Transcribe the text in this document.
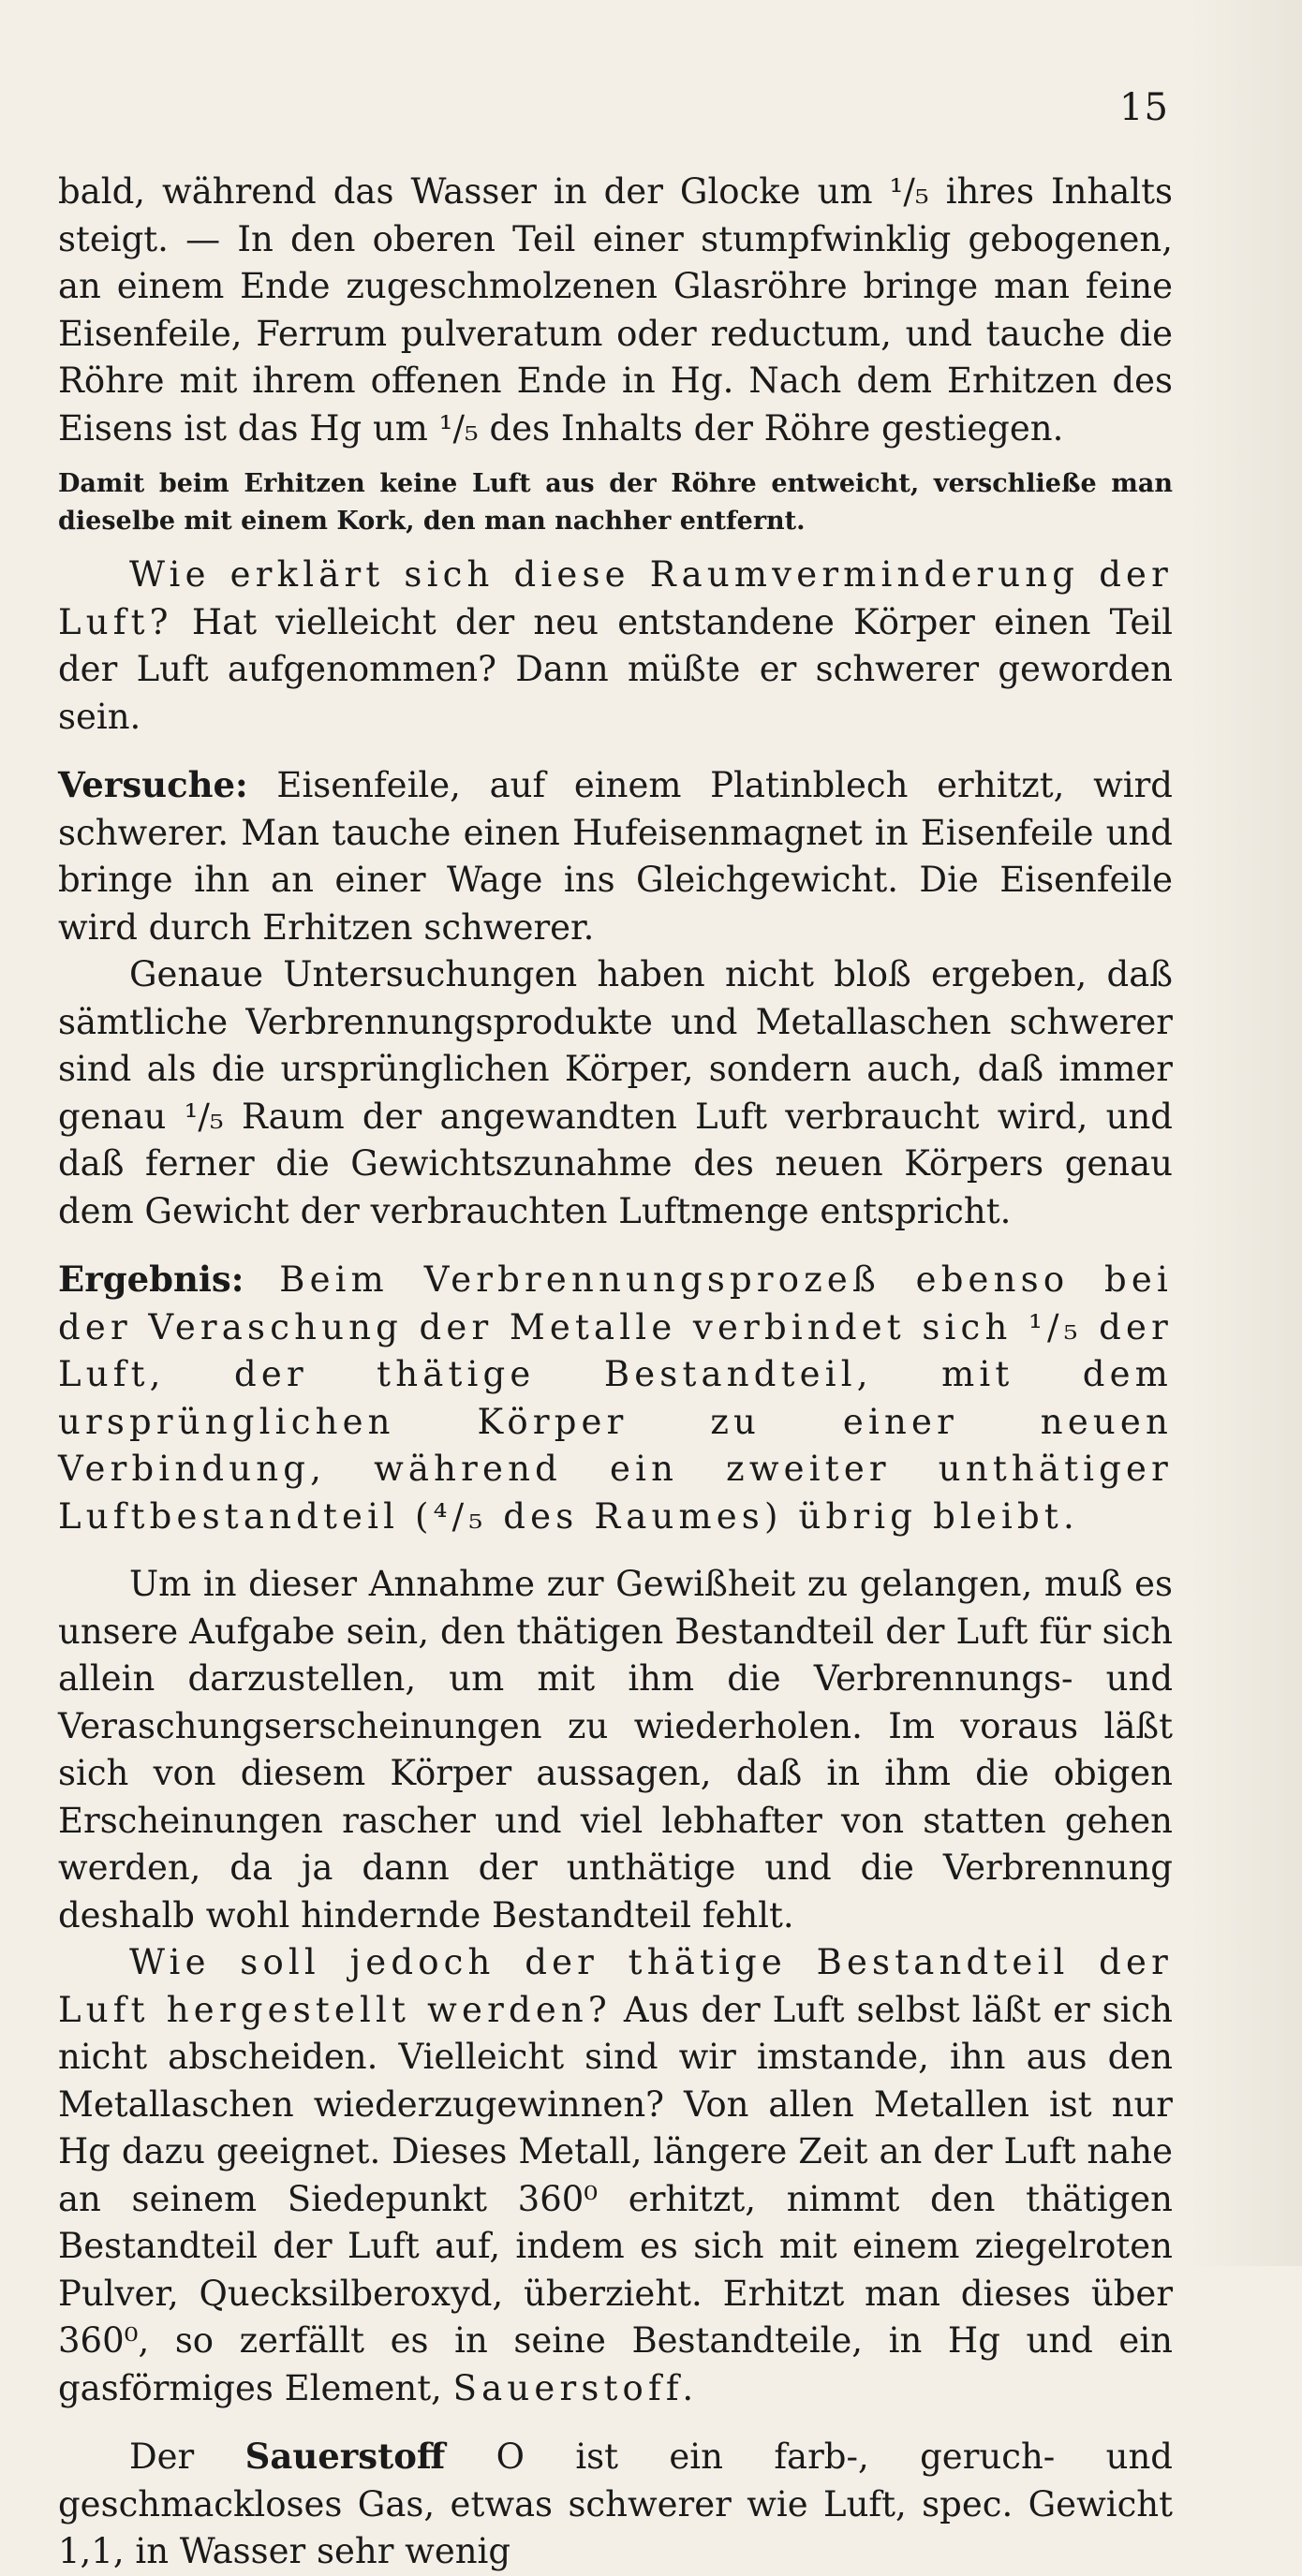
15

bald, während das Wasser in der Glocke um ¹/₅ ihres Inhalts steigt. — In den oberen Teil einer stumpfwinklig gebogenen, an einem Ende zugeschmolzenen Glasröhre bringe man feine Eisenfeile, Ferrum pulveratum oder reductum, und tauche die Röhre mit ihrem offenen Ende in Hg. Nach dem Erhitzen des Eisens ist das Hg um ¹/₅ des Inhalts der Röhre gestiegen.

Damit beim Erhitzen keine Luft aus der Röhre entweicht, verschließe man dieselbe mit einem Kork, den man nachher entfernt.

Wie erklärt sich diese Raumverminderung der Luft? Hat vielleicht der neu entstandene Körper einen Teil der Luft aufgenommen? Dann müßte er schwerer geworden sein.

Versuche: Eisenfeile, auf einem Platinblech erhitzt, wird schwerer. Man tauche einen Hufeisenmagnet in Eisenfeile und bringe ihn an einer Wage ins Gleichgewicht. Die Eisenfeile wird durch Erhitzen schwerer.

Genaue Untersuchungen haben nicht bloß ergeben, daß sämtliche Verbrennungsprodukte und Metallaschen schwerer sind als die ursprünglichen Körper, sondern auch, daß immer genau ¹/₅ Raum der angewandten Luft verbraucht wird, und daß ferner die Gewichtszunahme des neuen Körpers genau dem Gewicht der verbrauchten Luftmenge entspricht.

Ergebnis: Beim Verbrennungsprozeß ebenso bei der Veraschung der Metalle verbindet sich ¹/₅ der Luft, der thätige Bestandteil, mit dem ursprünglichen Körper zu einer neuen Verbindung, während ein zweiter unthätiger Luftbestandteil (⁴/₅ des Raumes) übrig bleibt.

Um in dieser Annahme zur Gewißheit zu gelangen, muß es unsere Aufgabe sein, den thätigen Bestandteil der Luft für sich allein darzustellen, um mit ihm die Verbrennungs- und Veraschungserscheinungen zu wiederholen. Im voraus läßt sich von diesem Körper aussagen, daß in ihm die obigen Erscheinungen rascher und viel lebhafter von statten gehen werden, da ja dann der unthätige und die Verbrennung deshalb wohl hindernde Bestandteil fehlt.

Wie soll jedoch der thätige Bestandteil der Luft hergestellt werden? Aus der Luft selbst läßt er sich nicht abscheiden. Vielleicht sind wir imstande, ihn aus den Metallaschen wiederzugewinnen? Von allen Metallen ist nur Hg dazu geeignet. Dieses Metall, längere Zeit an der Luft nahe an seinem Siedepunkt 360⁰ erhitzt, nimmt den thätigen Bestandteil der Luft auf, indem es sich mit einem ziegelroten Pulver, Quecksilberoxyd, überzieht. Erhitzt man dieses über 360⁰, so zerfällt es in seine Bestandteile, in Hg und ein gasförmiges Element, Sauerstoff.

Der Sauerstoff O ist ein farb-, geruch- und geschmackloses Gas, etwas schwerer wie Luft, spec. Gewicht 1,1, in Wasser sehr wenig
